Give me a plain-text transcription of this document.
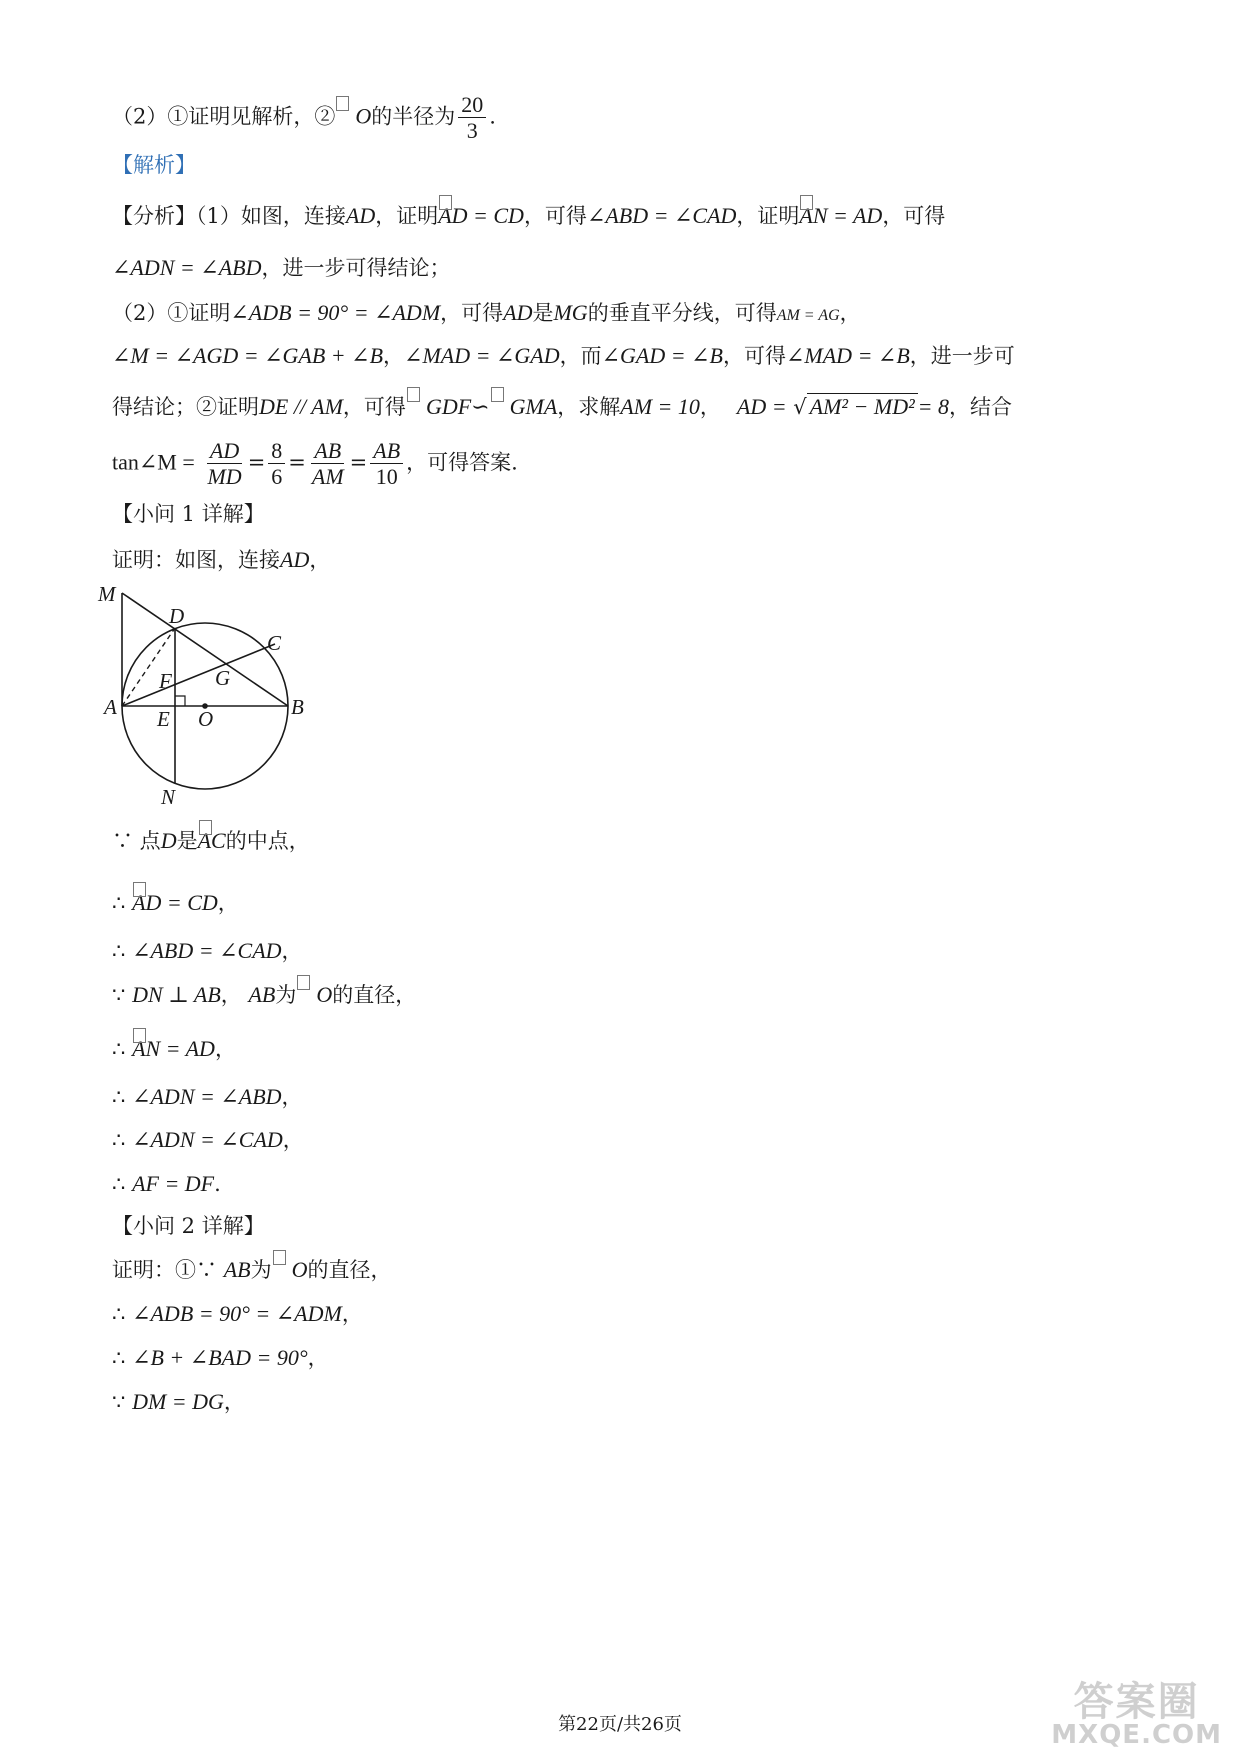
（2）①证明见解析，② O的半径为 $\frac{20}{3}$ .
【解析】
【分析】（1）如图，连接AD，证明AD = CD，可得∠ABD = ∠CAD，证明AN = AD，可得
∠ADN = ∠ABD，进一步可得结论；
（2）①证明∠ADB = 90° = ∠ADM，可得AD是MG的垂直平分线，可得AM = AG，
∠M = ∠AGD = ∠GAB + ∠B，∠MAD = ∠GAD，而∠GAD = ∠B，可得∠MAD = ∠B，进一步可
得结论；②证明DE // AM，可得 GDF∽ GMA，求解AM = 10， AD = √ AM² − MD² = 8，结合
tan∠M = $\frac{AD}{MD} = \frac{8}{6} = \frac{AB}{AM} = \frac{AB}{10}$ ，可得答案.
【小问 1 详解】
证明：如图，连接AD，
M
D
C
F G
A E O	B
N
∵ 点D是AC的中点，
∴ AD = CD，
∴ ∠ABD = ∠CAD，
∵ DN ⊥ AB， AB为 O的直径，
∴ AN = AD，
∴ ∠ADN = ∠ABD，
∴ ∠ADN = ∠CAD，
∴ AF = DF.
【小问 2 详解】
证明：①∵ AB为 O的直径，
∴ ∠ADB = 90° = ∠ADM，
∴ ∠B + ∠BAD = 90°，
∵ DM = DG，
第22页/共26页	答案圈
MXQE.COM
